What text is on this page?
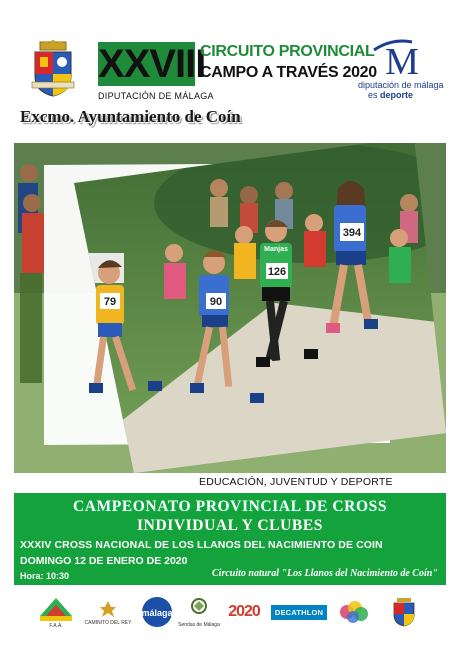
XXVIII
CIRCUITO PROVINCIAL
CAMPO A TRAVÉS 2020
DIPUTACIÓN DE MÁLAGA
M
diputación de málaga
es deporte
Excmo. Ayuntamiento de Coín
79	90
Manjas
126
394
EDUCACIÓN, JUVENTUD Y DEPORTE
CAMPEONATO PROVINCIAL DE CROSS
INDIVIDUAL Y CLUBES
XXXIV CROSS NACIONAL DE LOS LLANOS DEL NACIMIENTO DE COIN
DOMINGO 12 DE ENERO DE 2020
Hora: 10:30	Circuito natural "Los Llanos del Nacimiento de Coín"
F.A.A.	CAMINITO DEL REY
málaga
Sendas de Málaga
2020	DECATHLON
